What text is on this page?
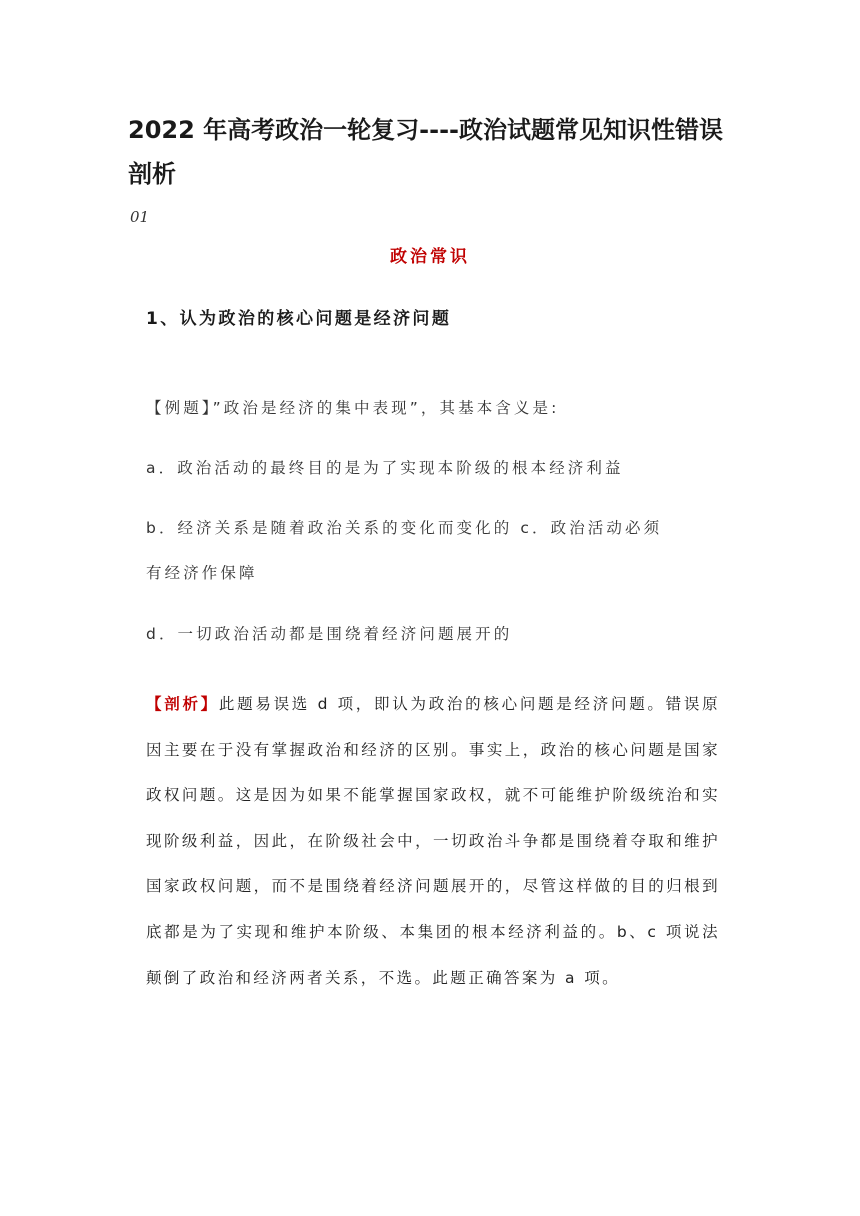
2022 年高考政治一轮复习----政治试题常见知识性错误剖析
01
政治常识
1、认为政治的核心问题是经济问题
【例题】”政治是经济的集中表现”，其基本含义是:
a．政治活动的最终目的是为了实现本阶级的根本经济利益
b．经济关系是随着政治关系的变化而变化的 c．政治活动必须
有经济作保障
d．一切政治活动都是围绕着经济问题展开的
【剖析】此题易误选 d 项，即认为政治的核心问题是经济问题。错误原因主要在于没有掌握政治和经济的区别。事实上，政治的核心问题是国家政权问题。这是因为如果不能掌握国家政权，就不可能维护阶级统治和实现阶级利益，因此，在阶级社会中，一切政治斗争都是围绕着夺取和维护国家政权问题，而不是围绕着经济问题展开的，尽管这样做的目的归根到底都是为了实现和维护本阶级、本集团的根本经济利益的。b、c 项说法颠倒了政治和经济两者关系，不选。此题正确答案为 a 项。
